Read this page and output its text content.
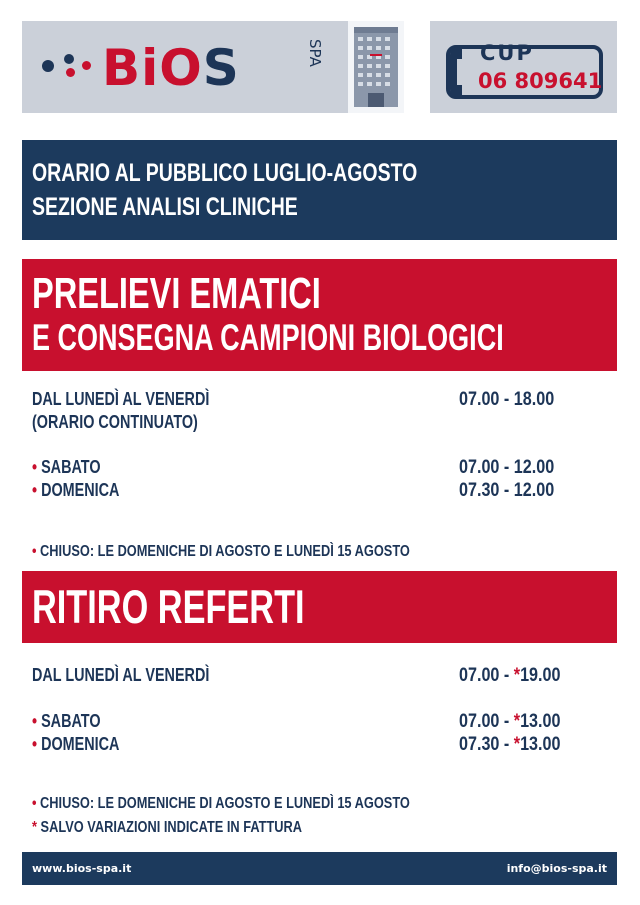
BiOS	SPA	CUP
06 809641
ORARIO AL PUBBLICO LUGLIO-AGOSTO
SEZIONE ANALISI CLINICHE
PRELIEVI EMATICI
E CONSEGNA CAMPIONI BIOLOGICI
DAL LUNEDÌ AL VENERDÌ
(ORARIO CONTINUATO)
07.00 - 18.00
• SABATO	07.00 - 12.00
• DOMENICA	07.30 - 12.00
• CHIUSO: LE DOMENICHE DI AGOSTO E LUNEDÌ 15 AGOSTO
RITIRO REFERTI
DAL LUNEDÌ AL VENERDÌ	07.00 - *19.00
• SABATO	07.00 - *13.00
• DOMENICA	07.30 - *13.00
• CHIUSO: LE DOMENICHE DI AGOSTO E LUNEDÌ 15 AGOSTO
* SALVO VARIAZIONI INDICATE IN FATTURA
www.bios-spa.it	info@bios-spa.it
